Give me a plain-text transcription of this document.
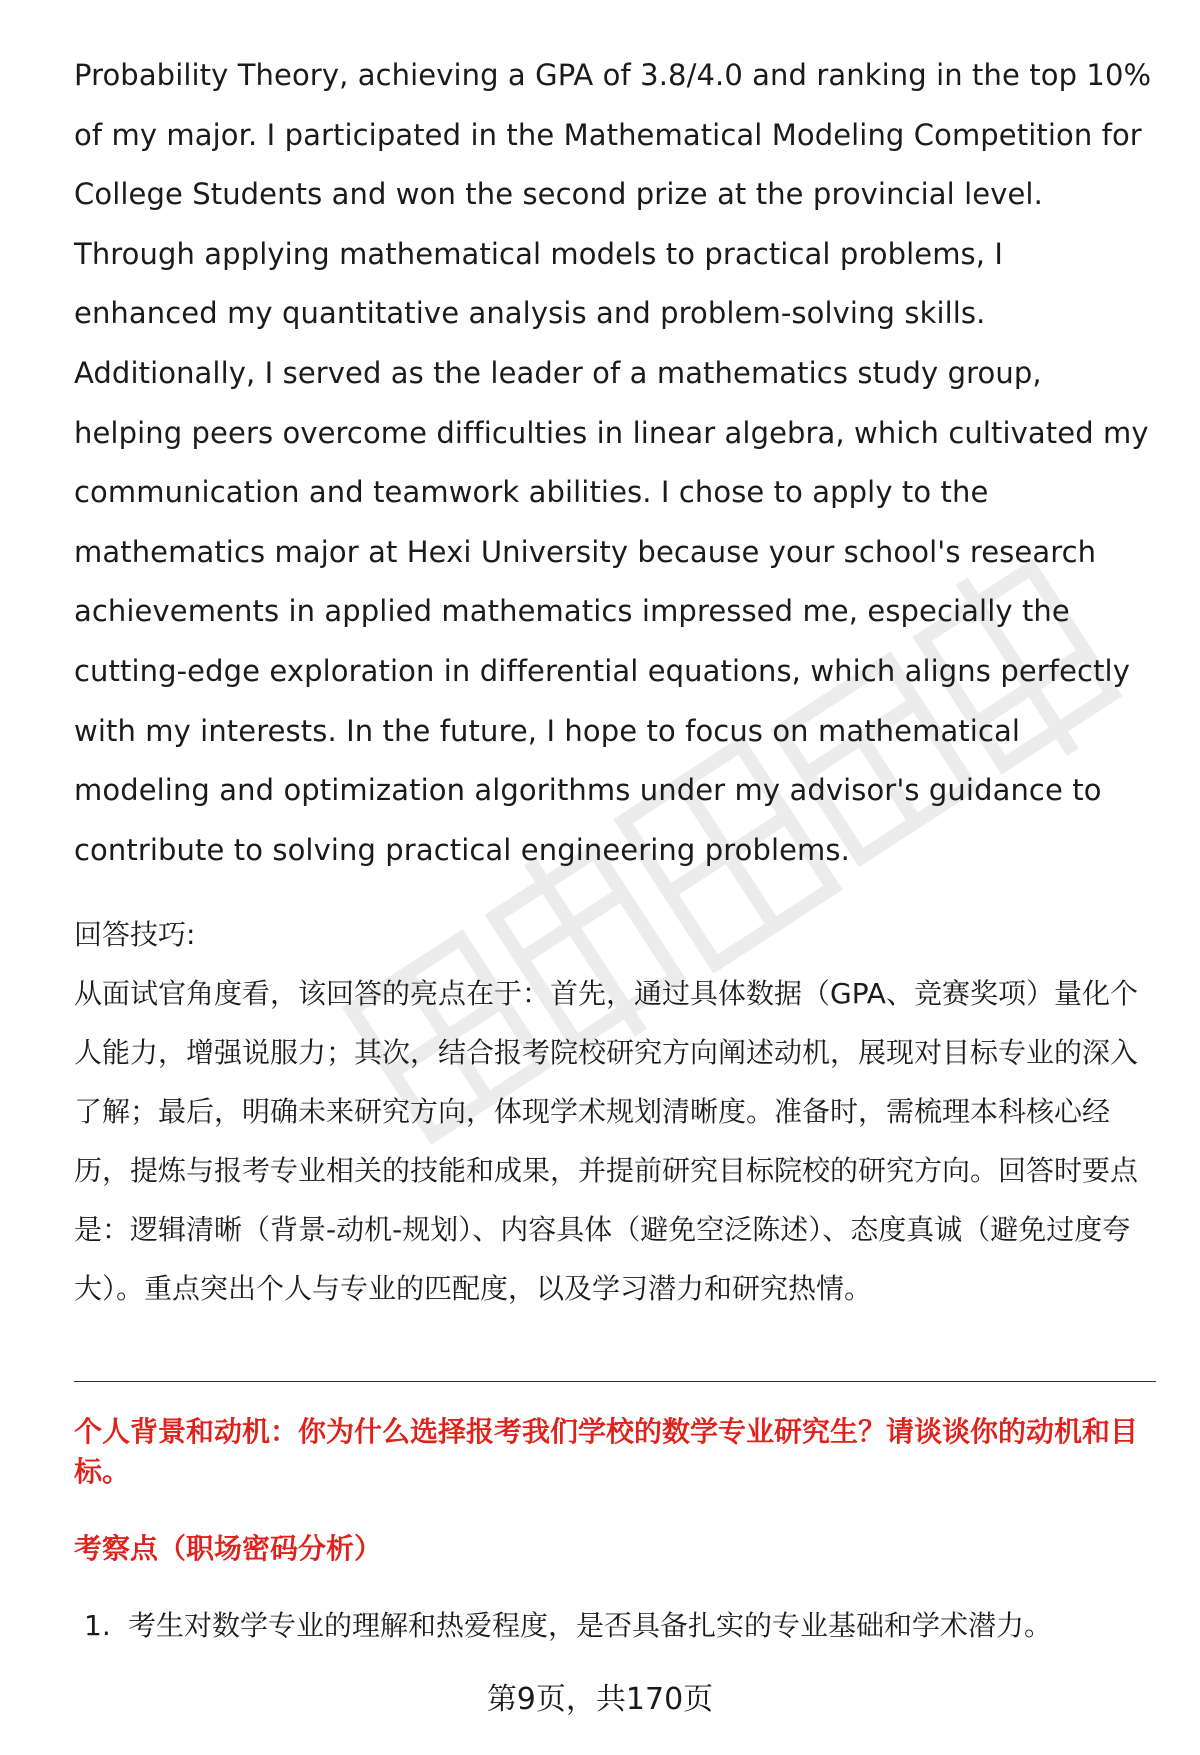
Probability Theory, achieving a GPA of 3.8/4.0 and ranking in the top 10% of my major. I participated in the Mathematical Modeling Competition for College Students and won the second prize at the provincial level. Through applying mathematical models to practical problems, I enhanced my quantitative analysis and problem-solving skills. Additionally, I served as the leader of a mathematics study group, helping peers overcome difficulties in linear algebra, which cultivated my communication and teamwork abilities. I chose to apply to the mathematics major at Hexi University because your school's research achievements in applied mathematics impressed me, especially the cutting-edge exploration in differential equations, which aligns perfectly with my interests. In the future, I hope to focus on mathematical modeling and optimization algorithms under my advisor's guidance to contribute to solving practical engineering problems.

回答技巧:

从面试官角度看，该回答的亮点在于：首先，通过具体数据（GPA、竞赛奖项）量化个人能力，增强说服力；其次，结合报考院校研究方向阐述动机，展现对目标专业的深入了解；最后，明确未来研究方向，体现学术规划清晰度。准备时，需梳理本科核心经历，提炼与报考专业相关的技能和成果，并提前研究目标院校的研究方向。回答时要点是：逻辑清晰（背景-动机-规划）、内容具体（避免空泛陈述）、态度真诚（避免过度夸大）。重点突出个人与专业的匹配度，以及学习潜力和研究热情。

个人背景和动机：你为什么选择报考我们学校的数学专业研究生？请谈谈你的动机和目标。

考察点（职场密码分析）

1. 考生对数学专业的理解和热爱程度，是否具备扎实的专业基础和学术潜力。
第9页，共170页
